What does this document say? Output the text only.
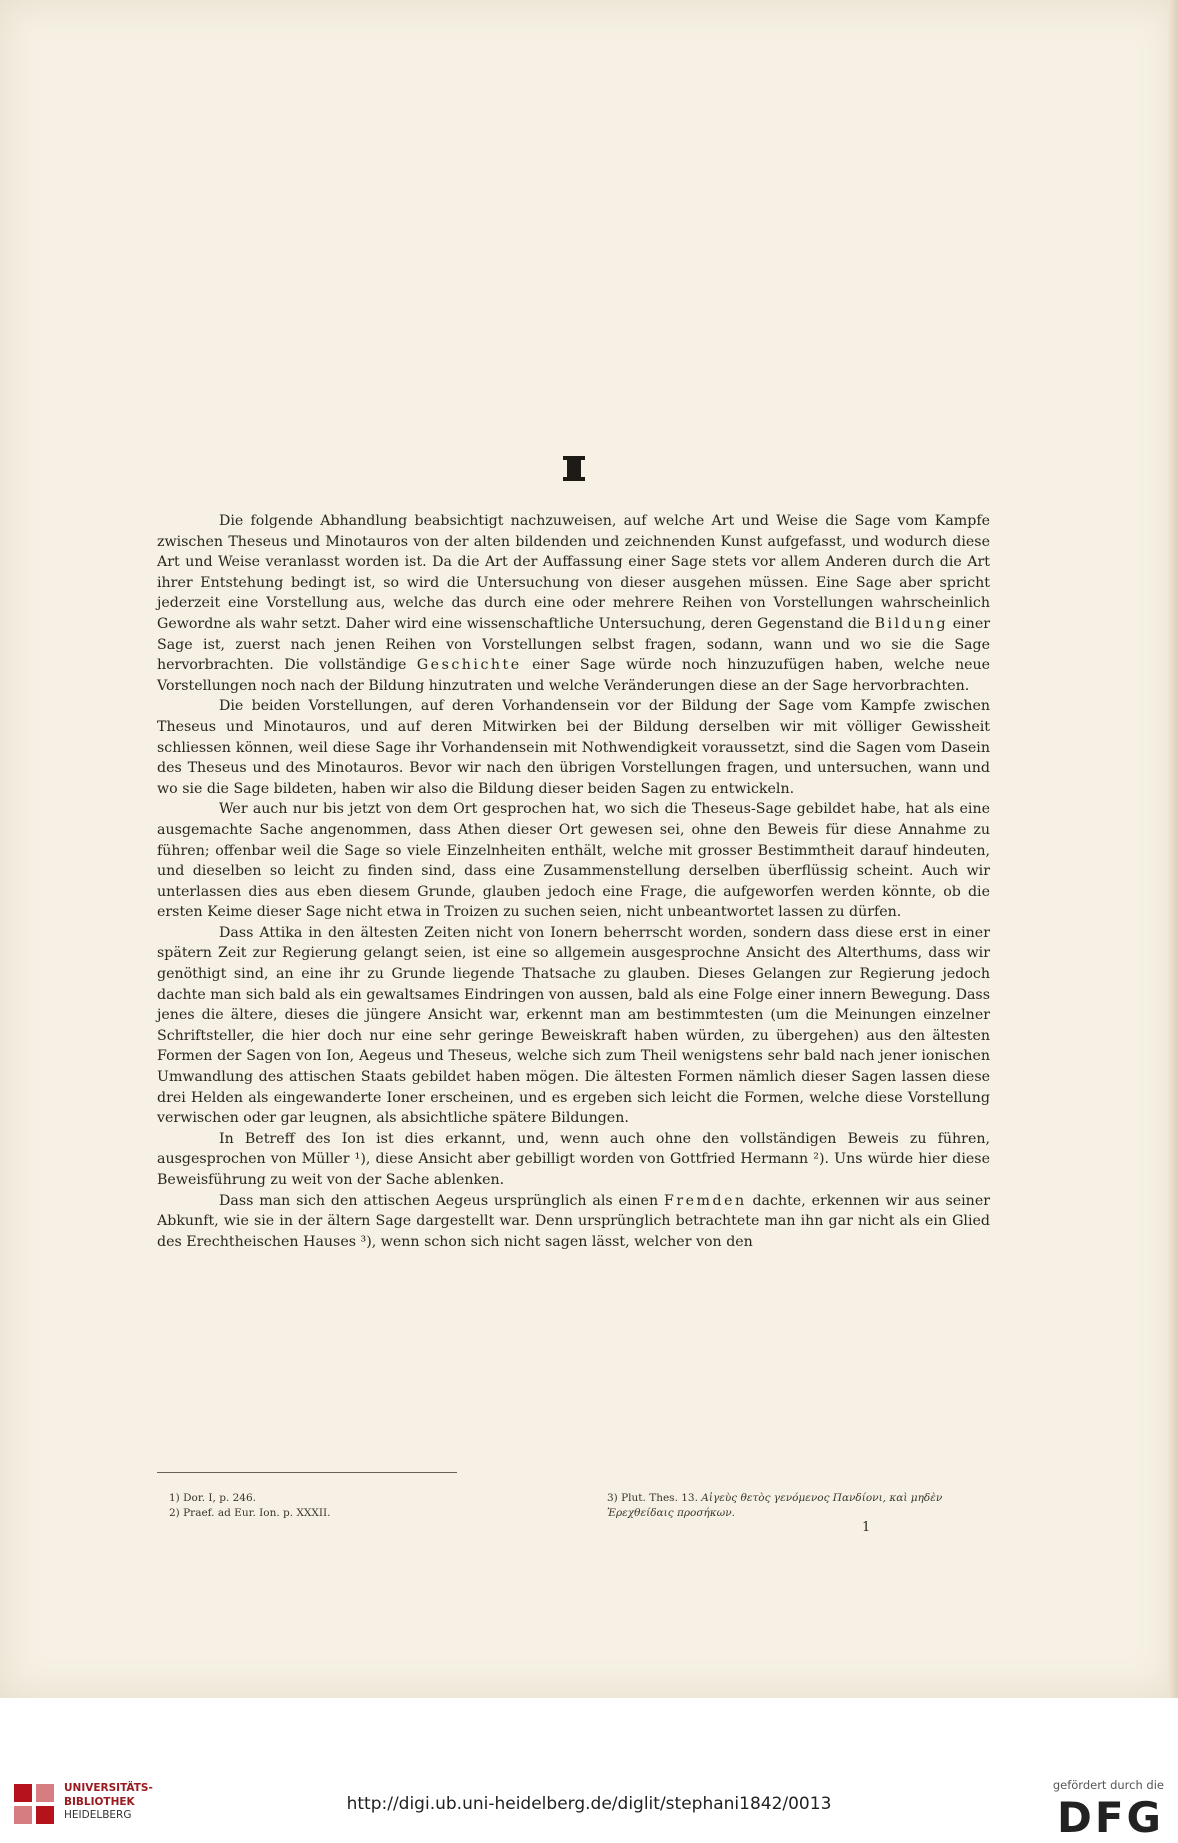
Die folgende Abhandlung beabsichtigt nachzuweisen, auf welche Art und Weise die Sage vom Kampfe zwischen Theseus und Minotauros von der alten bildenden und zeichnenden Kunst aufgefasst, und wodurch diese Art und Weise veranlasst worden ist. Da die Art der Auffassung einer Sage stets vor allem Anderen durch die Art ihrer Entstehung bedingt ist, so wird die Untersuchung von dieser ausgehen müssen. Eine Sage aber spricht jederzeit eine Vorstellung aus, welche das durch eine oder mehrere Reihen von Vorstellungen wahrscheinlich Gewordne als wahr setzt. Daher wird eine wissenschaftliche Untersuchung, deren Gegenstand die Bildung einer Sage ist, zuerst nach jenen Reihen von Vorstellungen selbst fragen, sodann, wann und wo sie die Sage hervorbrachten. Die vollständige Geschichte einer Sage würde noch hinzuzufügen haben, welche neue Vorstellungen noch nach der Bildung hinzutraten und welche Veränderungen diese an der Sage hervorbrachten.

Die beiden Vorstellungen, auf deren Vorhandensein vor der Bildung der Sage vom Kampfe zwischen Theseus und Minotauros, und auf deren Mitwirken bei der Bildung derselben wir mit völliger Gewissheit schliessen können, weil diese Sage ihr Vorhandensein mit Nothwendigkeit voraussetzt, sind die Sagen vom Dasein des Theseus und des Minotauros. Bevor wir nach den übrigen Vorstellungen fragen, und untersuchen, wann und wo sie die Sage bildeten, haben wir also die Bildung dieser beiden Sagen zu entwickeln.

Wer auch nur bis jetzt von dem Ort gesprochen hat, wo sich die Theseus-Sage gebildet habe, hat als eine ausgemachte Sache angenommen, dass Athen dieser Ort gewesen sei, ohne den Beweis für diese Annahme zu führen; offenbar weil die Sage so viele Einzelnheiten enthält, welche mit grosser Bestimmtheit darauf hindeuten, und dieselben so leicht zu finden sind, dass eine Zusammenstellung derselben überflüssig scheint. Auch wir unterlassen dies aus eben diesem Grunde, glauben jedoch eine Frage, die aufgeworfen werden könnte, ob die ersten Keime dieser Sage nicht etwa in Troizen zu suchen seien, nicht unbeantwortet lassen zu dürfen.

Dass Attika in den ältesten Zeiten nicht von Ionern beherrscht worden, sondern dass diese erst in einer spätern Zeit zur Regierung gelangt seien, ist eine so allgemein ausgesprochne Ansicht des Alterthums, dass wir genöthigt sind, an eine ihr zu Grunde liegende Thatsache zu glauben. Dieses Gelangen zur Regierung jedoch dachte man sich bald als ein gewaltsames Eindringen von aussen, bald als eine Folge einer innern Bewegung. Dass jenes die ältere, dieses die jüngere Ansicht war, erkennt man am bestimmtesten (um die Meinungen einzelner Schriftsteller, die hier doch nur eine sehr geringe Beweiskraft haben würden, zu übergehen) aus den ältesten Formen der Sagen von Ion, Aegeus und Theseus, welche sich zum Theil wenigstens sehr bald nach jener ionischen Umwandlung des attischen Staats gebildet haben mögen. Die ältesten Formen nämlich dieser Sagen lassen diese drei Helden als eingewanderte Ioner erscheinen, und es ergeben sich leicht die Formen, welche diese Vorstellung verwischen oder gar leugnen, als absichtliche spätere Bildungen.

In Betreff des Ion ist dies erkannt, und, wenn auch ohne den vollständigen Beweis zu führen, ausgesprochen von Müller ¹), diese Ansicht aber gebilligt worden von Gottfried Hermann ²). Uns würde hier diese Beweisführung zu weit von der Sache ablenken.

Dass man sich den attischen Aegeus ursprünglich als einen Fremden dachte, erkennen wir aus seiner Abkunft, wie sie in der ältern Sage dargestellt war. Denn ursprünglich betrachtete man ihn gar nicht als ein Glied des Erechtheischen Hauses ³), wenn schon sich nicht sagen lässt, welcher von den

1) Dor. I, p. 246.
2) Praef. ad Eur. Ion. p. XXXII.
3) Plut. Thes. 13. Αἰγεὺς θετὸς γενόμενος Πανδίονι, καὶ μηδὲν Ἐρεχθείδαις προσήκων.
1
UNIVERSITÄTS-
BIBLIOTHEK
HEIDELBERG
http://digi.ub.uni-heidelberg.de/diglit/stephani1842/0013
gefördert durch die
DFG
